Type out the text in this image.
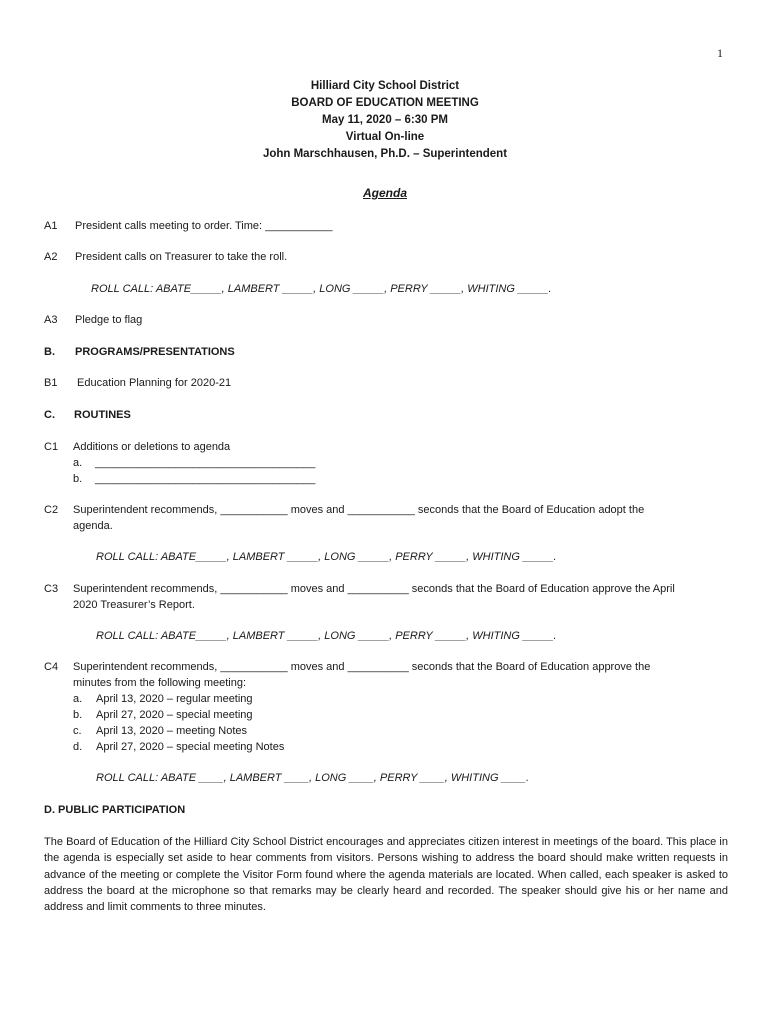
1
Hilliard City School District
BOARD OF EDUCATION MEETING
May 11, 2020 – 6:30 PM
Virtual On-line
John Marschhausen, Ph.D. – Superintendent
Agenda
A1 President calls meeting to order. Time: ___________
A2 President calls on Treasurer to take the roll.
ROLL CALL: ABATE_____, LAMBERT _____, LONG _____, PERRY _____, WHITING _____.
A3 Pledge to flag
B. PROGRAMS/PRESENTATIONS
B1 Education Planning for 2020-21
C. ROUTINES
C1 Additions or deletions to agenda
a. ____________________________________
b. ____________________________________
C2 Superintendent recommends, ___________ moves and ___________ seconds that the Board of Education adopt the
agenda.
ROLL CALL: ABATE_____, LAMBERT _____, LONG _____, PERRY _____, WHITING _____.
C3 Superintendent recommends, ___________ moves and __________ seconds that the Board of Education approve the April
2020 Treasurer’s Report.
ROLL CALL: ABATE_____, LAMBERT _____, LONG _____, PERRY _____, WHITING _____.
C4 Superintendent recommends, ___________ moves and __________ seconds that the Board of Education approve the
minutes from the following meeting:
a. April 13, 2020 – regular meeting
b. April 27, 2020 – special meeting
c. April 13, 2020 – meeting Notes
d. April 27, 2020 – special meeting Notes
ROLL CALL: ABATE ____, LAMBERT ____, LONG ____, PERRY ____, WHITING ____.
D. PUBLIC PARTICIPATION
The Board of Education of the Hilliard City School District encourages and appreciates citizen interest in meetings of the board. This place in the agenda is especially set aside to hear comments from visitors. Persons wishing to address the board should make written requests in advance of the meeting or complete the Visitor Form found where the agenda materials are located. When called, each speaker is asked to address the board at the microphone so that remarks may be clearly heard and recorded. The speaker should give his or her name and address and limit comments to three minutes.
